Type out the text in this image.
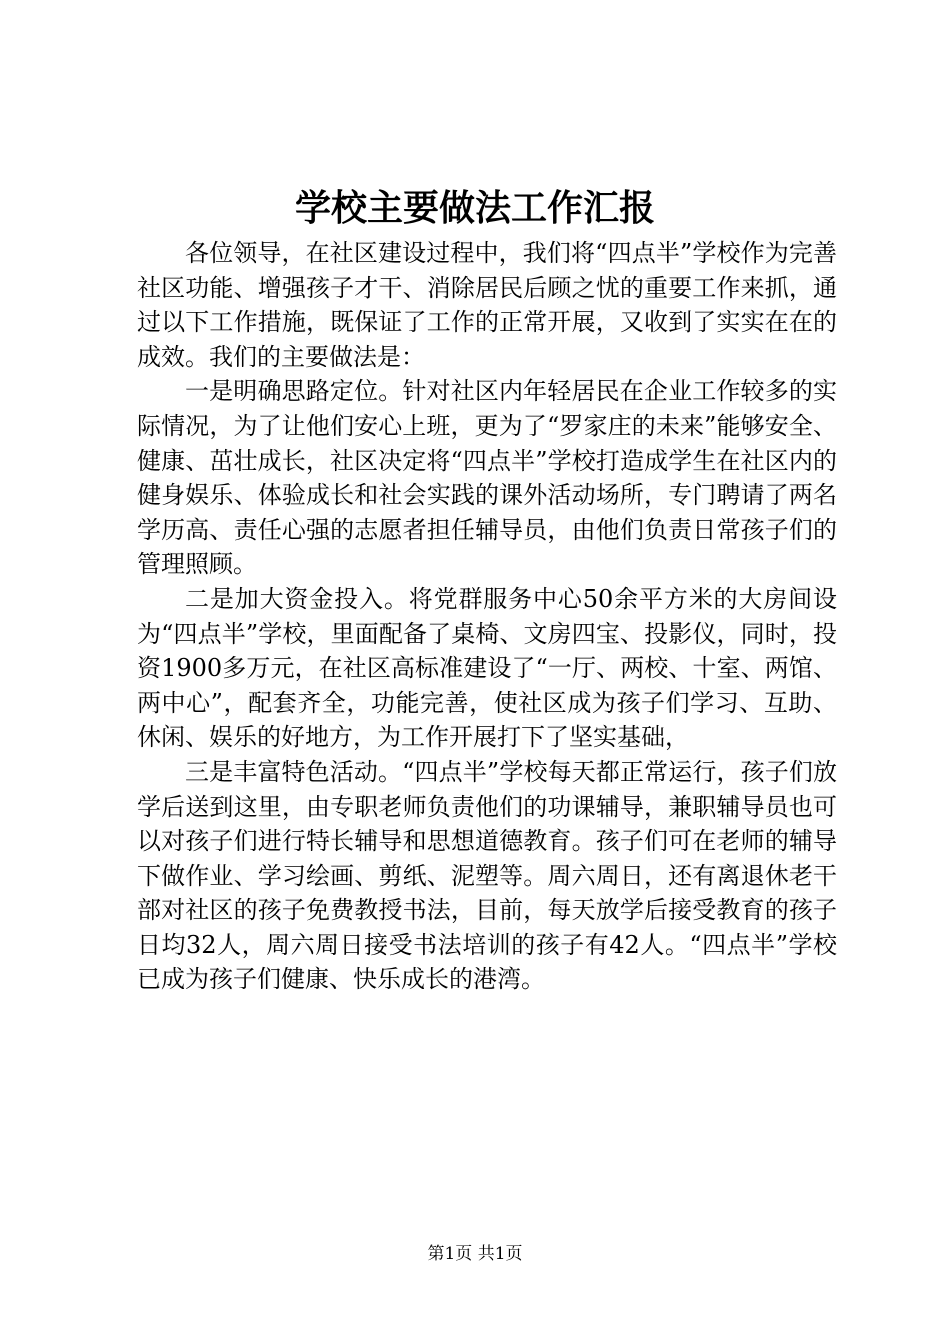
学校主要做法工作汇报

各位领导，在社区建设过程中，我们将“四点半”学校作为完善社区功能、增强孩子才干、消除居民后顾之忧的重要工作来抓，通过以下工作措施，既保证了工作的正常开展，又收到了实实在在的成效。我们的主要做法是：

一是明确思路定位。针对社区内年轻居民在企业工作较多的实际情况，为了让他们安心上班，更为了“罗家庄的未来”能够安全、健康、茁壮成长，社区决定将“四点半”学校打造成学生在社区内的健身娱乐、体验成长和社会实践的课外活动场所，专门聘请了两名学历高、责任心强的志愿者担任辅导员，由他们负责日常孩子们的管理照顾。

二是加大资金投入。将党群服务中心50余平方米的大房间设为“四点半”学校，里面配备了桌椅、文房四宝、投影仪，同时，投资1900多万元，在社区高标准建设了“一厅、两校、十室、两馆、两中心”，配套齐全，功能完善，使社区成为孩子们学习、互助、休闲、娱乐的好地方，为工作开展打下了坚实基础，

三是丰富特色活动。“四点半”学校每天都正常运行，孩子们放学后送到这里，由专职老师负责他们的功课辅导，兼职辅导员也可以对孩子们进行特长辅导和思想道德教育。孩子们可在老师的辅导下做作业、学习绘画、剪纸、泥塑等。周六周日，还有离退休老干部对社区的孩子免费教授书法，目前，每天放学后接受教育的孩子日均32人，周六周日接受书法培训的孩子有42人。“四点半”学校已成为孩子们健康、快乐成长的港湾。

第1页 共1页
